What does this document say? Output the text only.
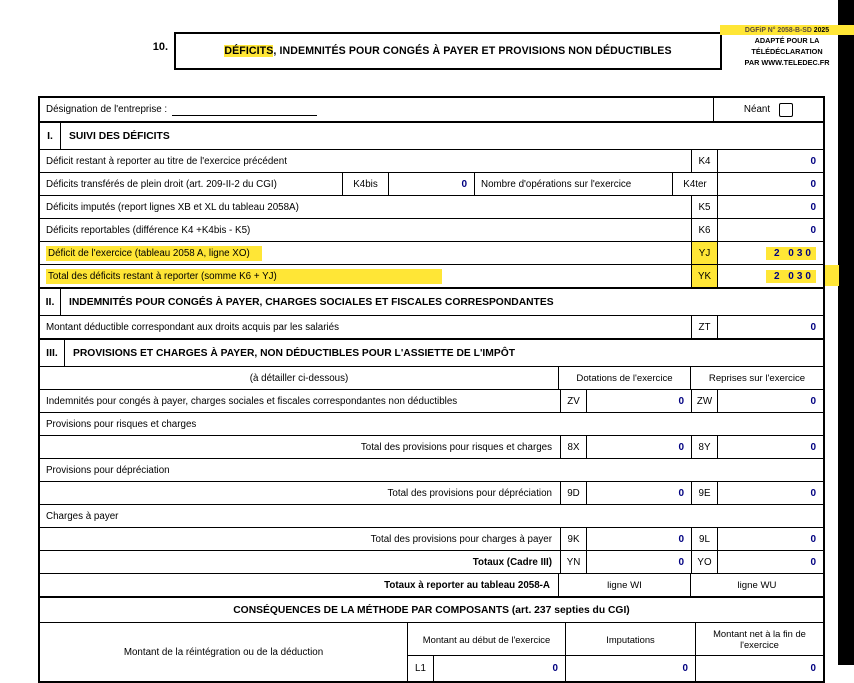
10.	DÉFICITS , INDEMNITÉS POUR CONGÉS À PAYER ET PROVISIONS NON DÉDUCTIBLES
DGFiP N° 2058-B-SD 2025
ADAPTÉ POUR LA
TÉLÉDÉCLARATION
PAR WWW.TELEDEC.FR
Désignation de l'entreprise :	Néant
I.	SUIVI DES DÉFICITS
Déficit restant à reporter au titre de l'exercice précédent	K4	0
Déficits transférés de plein droit (art. 209-II-2 du CGI)	K4bis	0	Nombre d'opérations sur l'exercice	K4ter	0
Déficits imputés (report lignes XB et XL du tableau 2058A)	K5	0
Déficits reportables (différence K4 +K4bis - K5)	K6	0
Déficit de l'exercice (tableau 2058 A, ligne XO)	YJ	2 030
Total des déficits restant à reporter (somme K6 + YJ)	YK	2 030
II.	INDEMNITÉS POUR CONGÉS À PAYER, CHARGES SOCIALES ET FISCALES CORRESPONDANTES
Montant déductible correspondant aux droits acquis par les salariés	ZT	0
III.	PROVISIONS ET CHARGES À PAYER, NON DÉDUCTIBLES POUR L'ASSIETTE DE L'IMPÔT
(à détailler ci-dessous)	Dotations de l'exercice	Reprises sur l'exercice
Indemnités pour congés à payer, charges sociales et fiscales correspondantes non déductibles	ZV	0	ZW	0
Provisions pour risques et charges
Total des provisions pour risques et charges	8X	0	8Y	0
Provisions pour dépréciation
Total des provisions pour dépréciation	9D	0	9E	0
Charges à payer
Total des provisions pour charges à payer	9K	0	9L	0
Totaux (Cadre III)	YN	0	YO	0
Totaux à reporter au tableau 2058-A	ligne WI	ligne WU
CONSÉQUENCES DE LA MÉTHODE PAR COMPOSANTS (art. 237 septies du CGI)
Montant de la réintégration ou de la déduction
Montant au début de l'exercice	Imputations	Montant net à la fin de l'exercice
L1	0	0	0
